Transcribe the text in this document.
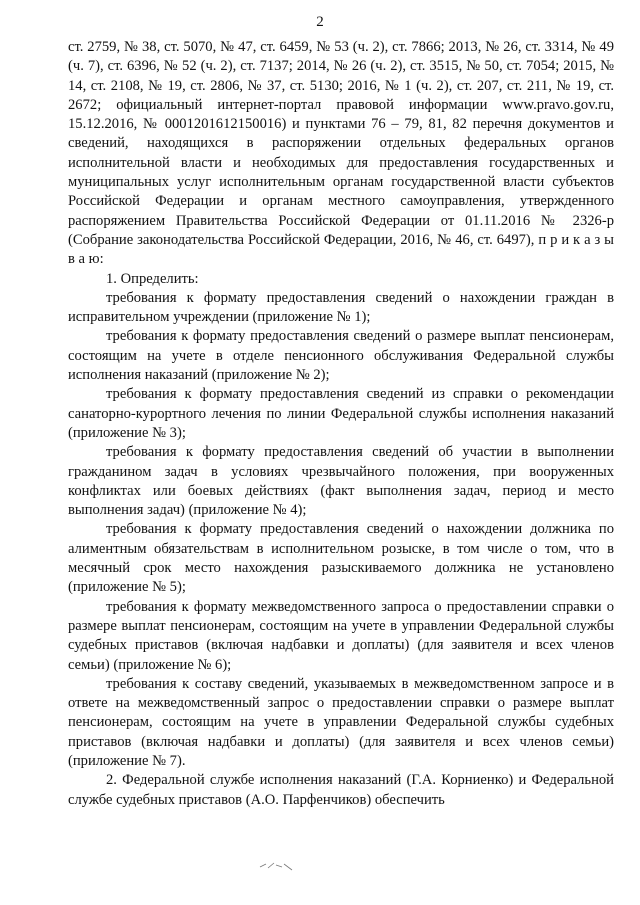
2

ст. 2759, № 38, ст. 5070, № 47, ст. 6459, № 53 (ч. 2), ст. 7866; 2013, № 26, ст. 3314, № 49 (ч. 7), ст. 6396, № 52 (ч. 2), ст. 7137; 2014, № 26 (ч. 2), ст. 3515, № 50, ст. 7054; 2015, № 14, ст. 2108, № 19, ст. 2806, № 37, ст. 5130; 2016, № 1 (ч. 2), ст. 207, ст. 211, № 19, ст. 2672; официальный интернет-портал правовой информации www.pravo.gov.ru, 15.12.2016, № 0001201612150016) и пунктами 76 – 79, 81, 82 перечня документов и сведений, находящихся в распоряжении отдельных федеральных органов исполнительной власти и необходимых для предоставления государственных и муниципальных услуг исполнительным органам государственной власти субъектов Российской Федерации и органам местного самоуправления, утвержденного распоряжением Правительства Российской Федерации от 01.11.2016 № 2326-р (Собрание законодательства Российской Федерации, 2016, № 46, ст. 6497), п р и к а з ы в а ю:

1. Определить:

требования к формату предоставления сведений о нахождении граждан в исправительном учреждении (приложение № 1);

требования к формату предоставления сведений о размере выплат пенсионерам, состоящим на учете в отделе пенсионного обслуживания Федеральной службы исполнения наказаний (приложение № 2);

требования к формату предоставления сведений из справки о рекомендации санаторно-курортного лечения по линии Федеральной службы исполнения наказаний (приложение № 3);

требования к формату предоставления сведений об участии в выполнении гражданином задач в условиях чрезвычайного положения, при вооруженных конфликтах или боевых действиях (факт выполнения задач, период и место выполнения задач) (приложение № 4);

требования к формату предоставления сведений о нахождении должника по алиментным обязательствам в исполнительном розыске, в том числе о том, что в месячный срок место нахождения разыскиваемого должника не установлено (приложение № 5);

требования к формату межведомственного запроса о предоставлении справки о размере выплат пенсионерам, состоящим на учете в управлении Федеральной службы судебных приставов (включая надбавки и доплаты) (для заявителя и всех членов семьи) (приложение № 6);

требования к составу сведений, указываемых в межведомственном запросе и в ответе на межведомственный запрос о предоставлении справки о размере выплат пенсионерам, состоящим на учете в управлении Федеральной службы судебных приставов (включая надбавки и доплаты) (для заявителя и всех членов семьи) (приложение № 7).

2. Федеральной службе исполнения наказаний (Г.А. Корниенко) и Федеральной службе судебных приставов (А.О. Парфенчиков) обеспечить
